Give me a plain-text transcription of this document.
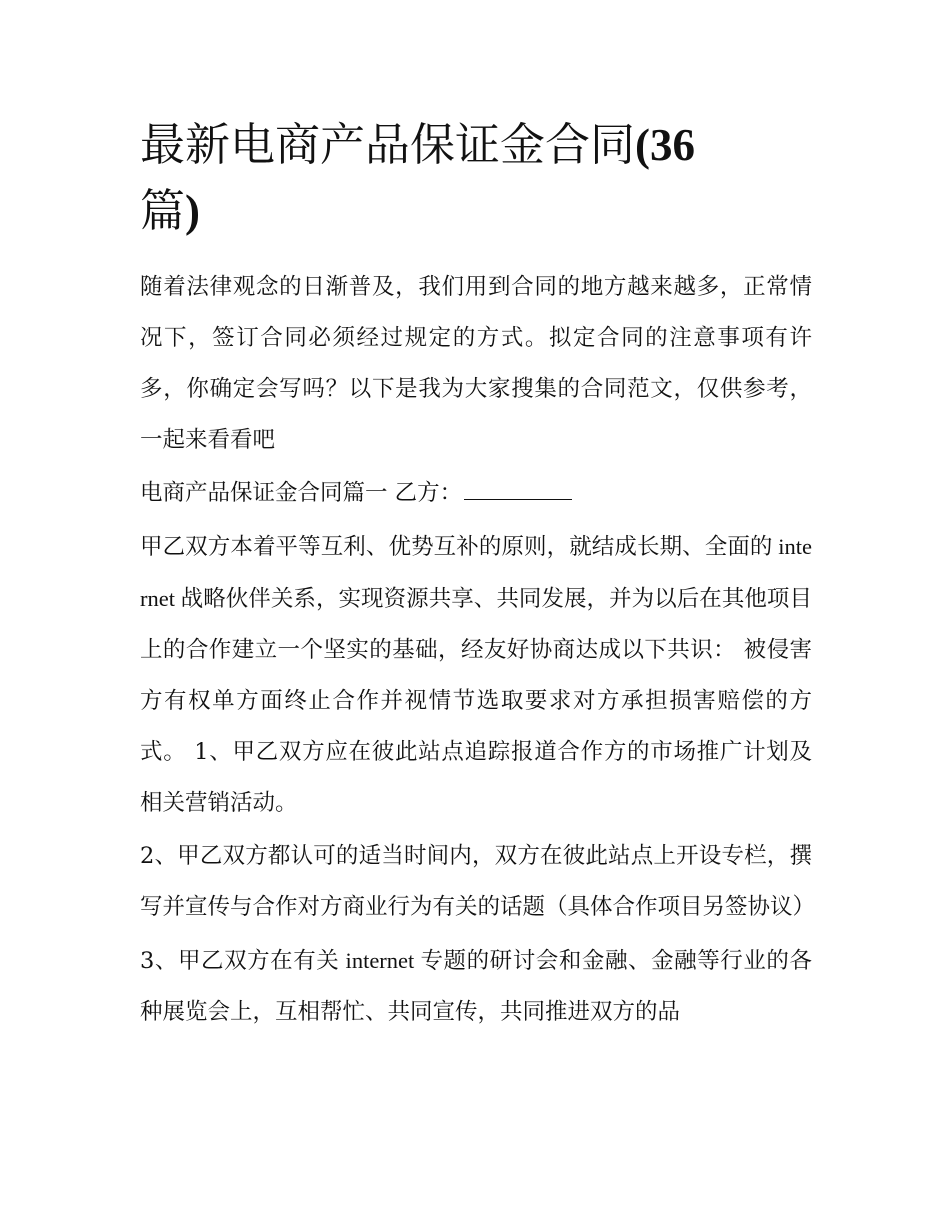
最新电商产品保证金合同(36
篇)

随着法律观念的日渐普及，我们用到合同的地方越来越多，正常情况下，签订合同必须经过规定的方式。拟定合同的注意事项有许多，你确定会写吗？以下是我为大家搜集的合同范文，仅供参考，一起来看看吧

电商产品保证金合同篇一 乙方：

甲乙双方本着平等互利、优势互补的原则，就结成长期、全面的 internet 战略伙伴关系，实现资源共享、共同发展，并为以后在其他项目上的合作建立一个坚实的基础，经友好协商达成以下共识： 被侵害方有权单方面终止合作并视情节选取要求对方承担损害赔偿的方式。 1、甲乙双方应在彼此站点追踪报道合作方的市场推广计划及相关营销活动。

2、甲乙双方都认可的适当时间内，双方在彼此站点上开设专栏，撰写并宣传与合作对方商业行为有关的话题（具体合作项目另签协议）

3、甲乙双方在有关 internet 专题的研讨会和金融、金融等行业的各种展览会上，互相帮忙、共同宣传，共同推进双方的品
